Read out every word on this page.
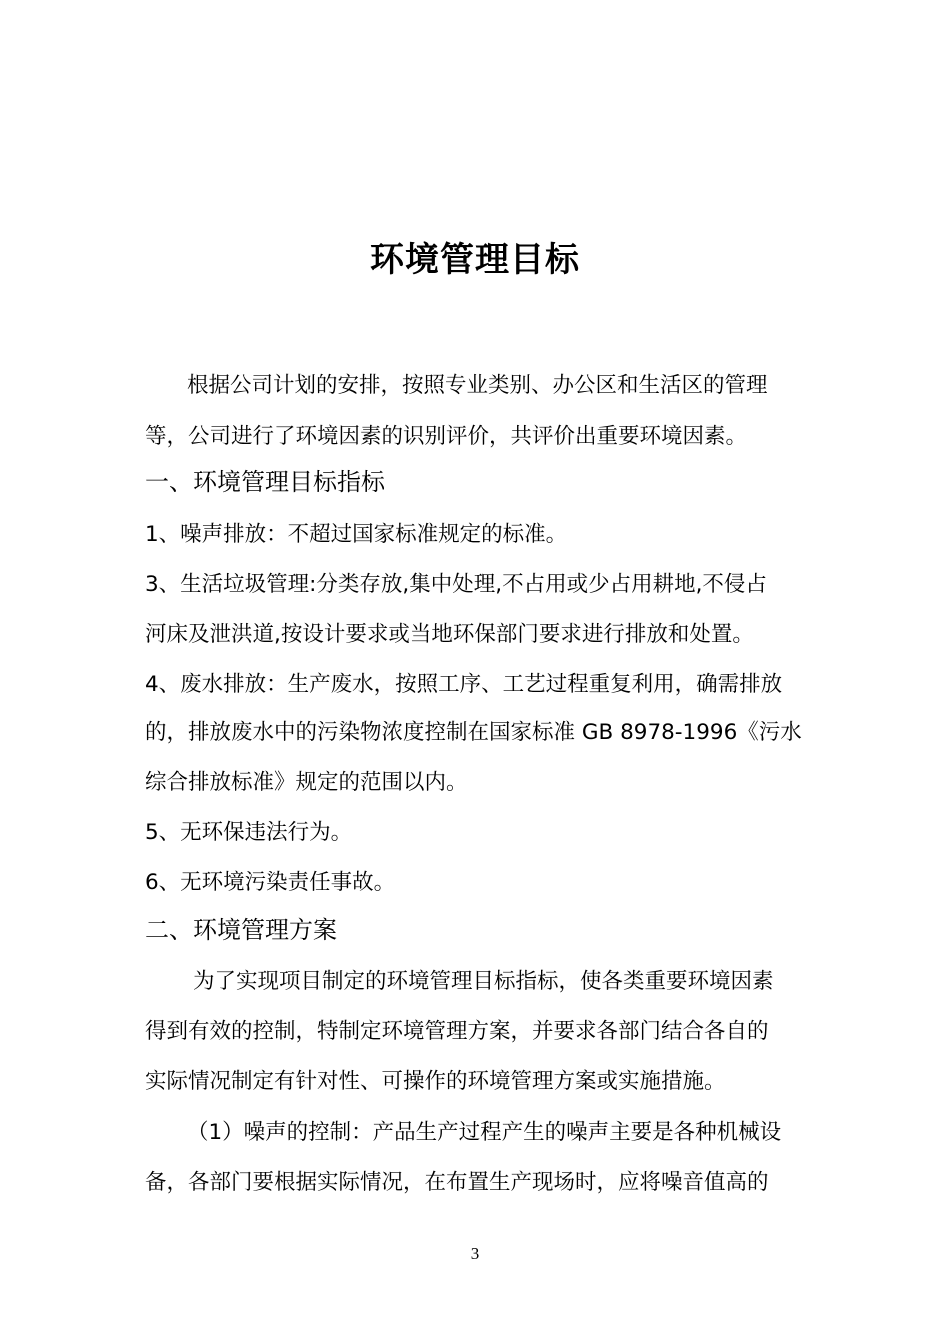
环境管理目标
根据公司计划的安排，按照专业类别、办公区和生活区的管理
等，公司进行了环境因素的识别评价，共评价出重要环境因素。
一、环境管理目标指标
1、噪声排放：不超过国家标准规定的标准。
3、生活垃圾管理:分类存放,集中处理,不占用或少占用耕地,不侵占
河床及泄洪道,按设计要求或当地环保部门要求进行排放和处置。
4、废水排放：生产废水，按照工序、工艺过程重复利用，确需排放
的，排放废水中的污染物浓度控制在国家标准 GB 8978-1996《污水
综合排放标准》规定的范围以内。
5、无环保违法行为。
6、无环境污染责任事故。
二、环境管理方案
为了实现项目制定的环境管理目标指标，使各类重要环境因素
得到有效的控制，特制定环境管理方案，并要求各部门结合各自的
实际情况制定有针对性、可操作的环境管理方案或实施措施。
（1）噪声的控制：产品生产过程产生的噪声主要是各种机械设
备，各部门要根据实际情况，在布置生产现场时，应将噪音值高的
3
